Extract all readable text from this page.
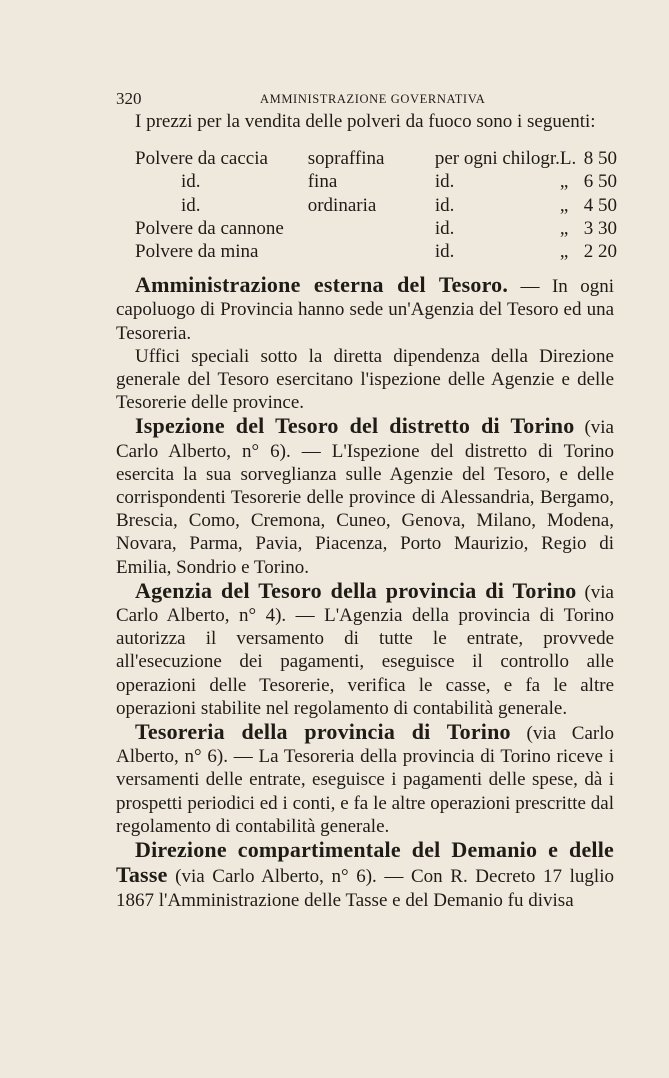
320	AMMINISTRAZIONE GOVERNATIVA

I prezzi per la vendita delle polveri da fuoco sono i seguenti:

Polvere da caccia	sopraffina	per ogni chilogr.	L.	8 50
id.	fina	id.	„	6 50
id.	ordinaria	id.	„	4 50
Polvere da cannone		id.	„	3 30
Polvere da mina		id.	„	2 20

Amministrazione esterna del Tesoro. — In ogni capoluogo di Provincia hanno sede un'Agenzia del Tesoro ed una Tesoreria.

Uffici speciali sotto la diretta dipendenza della Direzione generale del Tesoro esercitano l'ispezione delle Agenzie e delle Tesorerie delle province.

Ispezione del Tesoro del distretto di Torino (via Carlo Alberto, n° 6). — L'Ispezione del distretto di Torino esercita la sua sorveglianza sulle Agenzie del Tesoro, e delle corrispondenti Tesorerie delle province di Alessandria, Bergamo, Brescia, Como, Cremona, Cuneo, Genova, Milano, Modena, Novara, Parma, Pavia, Piacenza, Porto Maurizio, Regio di Emilia, Sondrio e Torino.

Agenzia del Tesoro della provincia di Torino (via Carlo Alberto, n° 4). — L'Agenzia della provincia di Torino autorizza il versamento di tutte le entrate, provvede all'esecuzione dei pagamenti, eseguisce il controllo alle operazioni delle Tesorerie, verifica le casse, e fa le altre operazioni stabilite nel regolamento di contabilità generale.

Tesoreria della provincia di Torino (via Carlo Alberto, n° 6). — La Tesoreria della provincia di Torino riceve i versamenti delle entrate, eseguisce i pagamenti delle spese, dà i prospetti periodici ed i conti, e fa le altre operazioni prescritte dal regolamento di contabilità generale.

Direzione compartimentale del Demanio e delle Tasse (via Carlo Alberto, n° 6). — Con R. Decreto 17 luglio 1867 l'Amministrazione delle Tasse e del Demanio fu divisa
